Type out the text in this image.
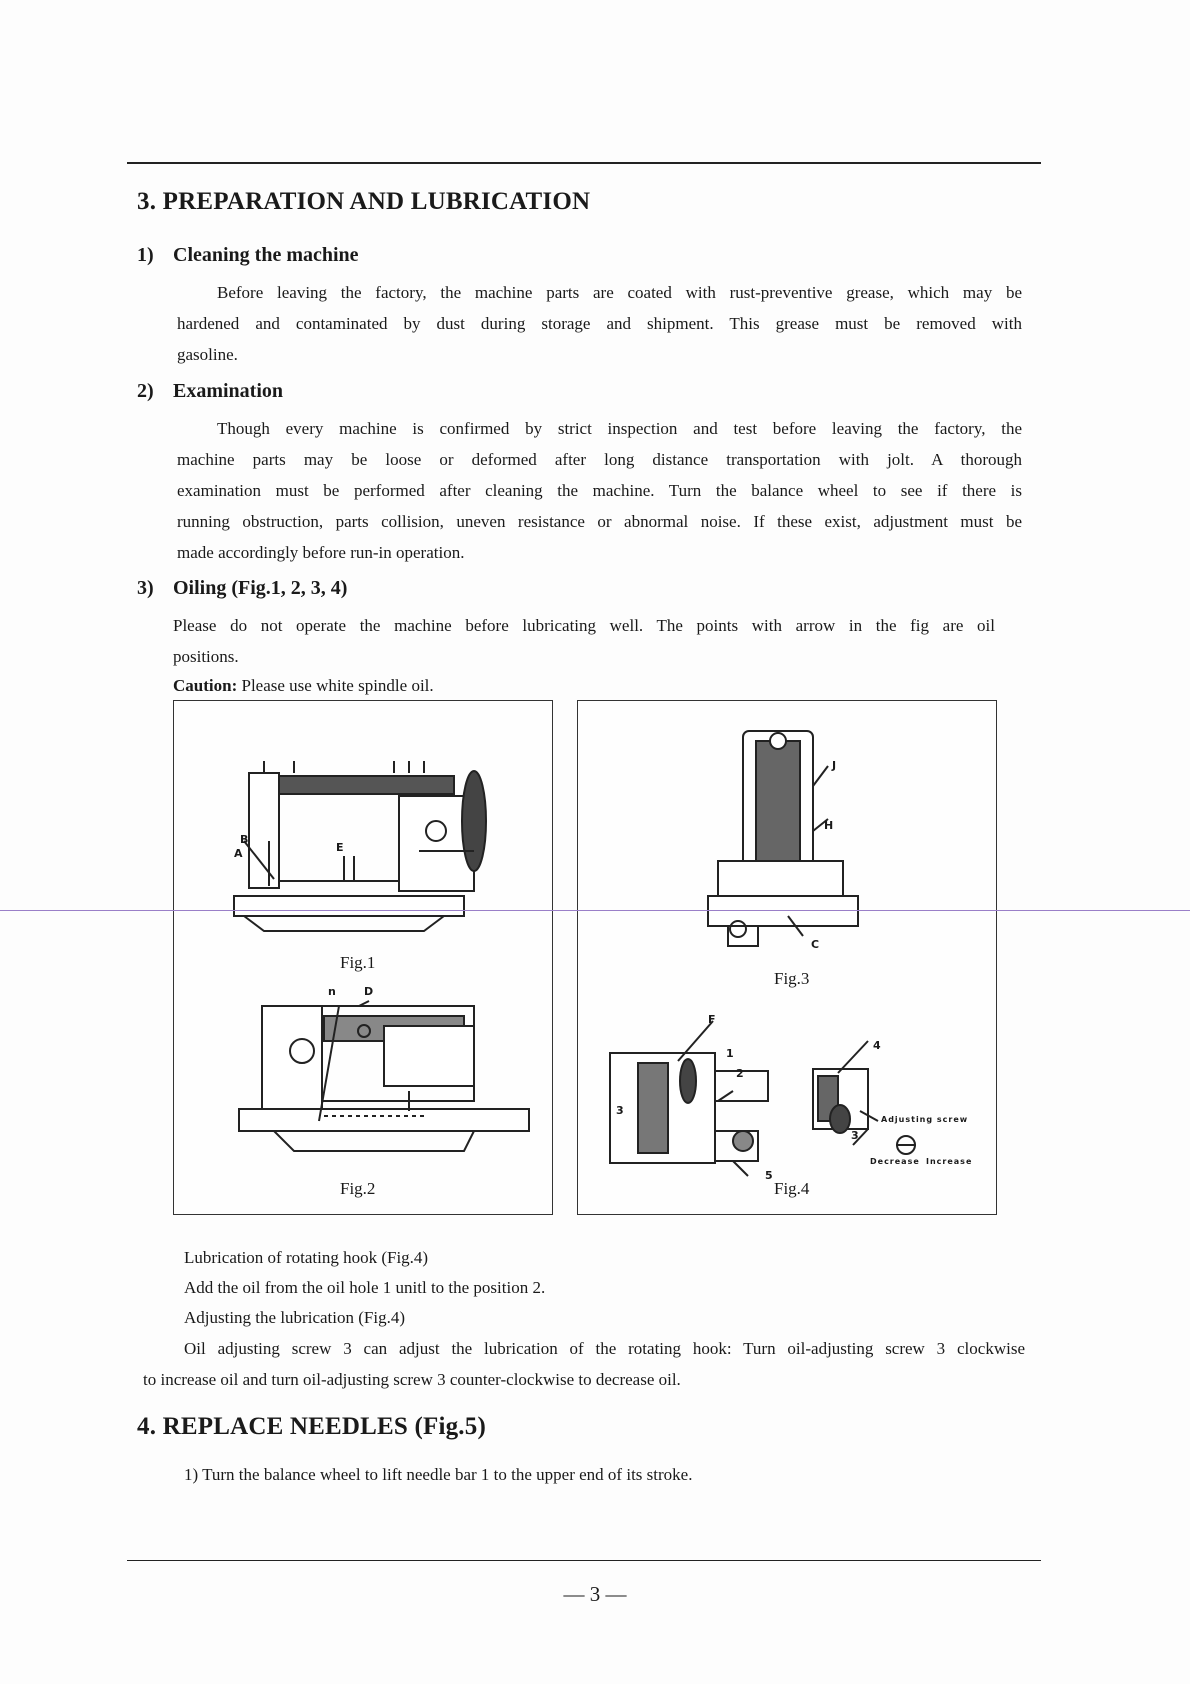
3. PREPARATION AND LUBRICATION
1) Cleaning the machine
Before leaving the factory, the machine parts are coated with rust-preventive grease, which may be
hardened and contaminated by dust during storage and shipment. This grease must be removed with
gasoline.
2) Examination
Though every machine is confirmed by strict inspection and test before leaving the factory, the
machine parts may be loose or deformed after long distance transportation with jolt. A thorough
examination must be performed after cleaning the machine. Turn the balance wheel to see if there is
running obstruction, parts collision, uneven resistance or abnormal noise. If these exist, adjustment must be
made accordingly before run-in operation.
3) Oiling (Fig.1, 2, 3, 4)
Please do not operate the machine before lubricating well. The points with arrow in the fig are oil
positions.
Caution: Please use white spindle oil.
B
A	E
Fig.1
n	D
Fig.2
J
H
C
Fig.3
F
1
2
3
5
4
3
Adjusting screw
Decrease Increase
Fig.4
Lubrication of rotating hook (Fig.4)
Add the oil from the oil hole 1 unitl to the position 2.
Adjusting the lubrication (Fig.4)
Oil adjusting screw 3 can adjust the lubrication of the rotating hook: Turn oil-adjusting screw 3 clockwise
to increase oil and turn oil-adjusting screw 3 counter-clockwise to decrease oil.
4. REPLACE NEEDLES (Fig.5)
1) Turn the balance wheel to lift needle bar 1 to the upper end of its stroke.
— 3 —
